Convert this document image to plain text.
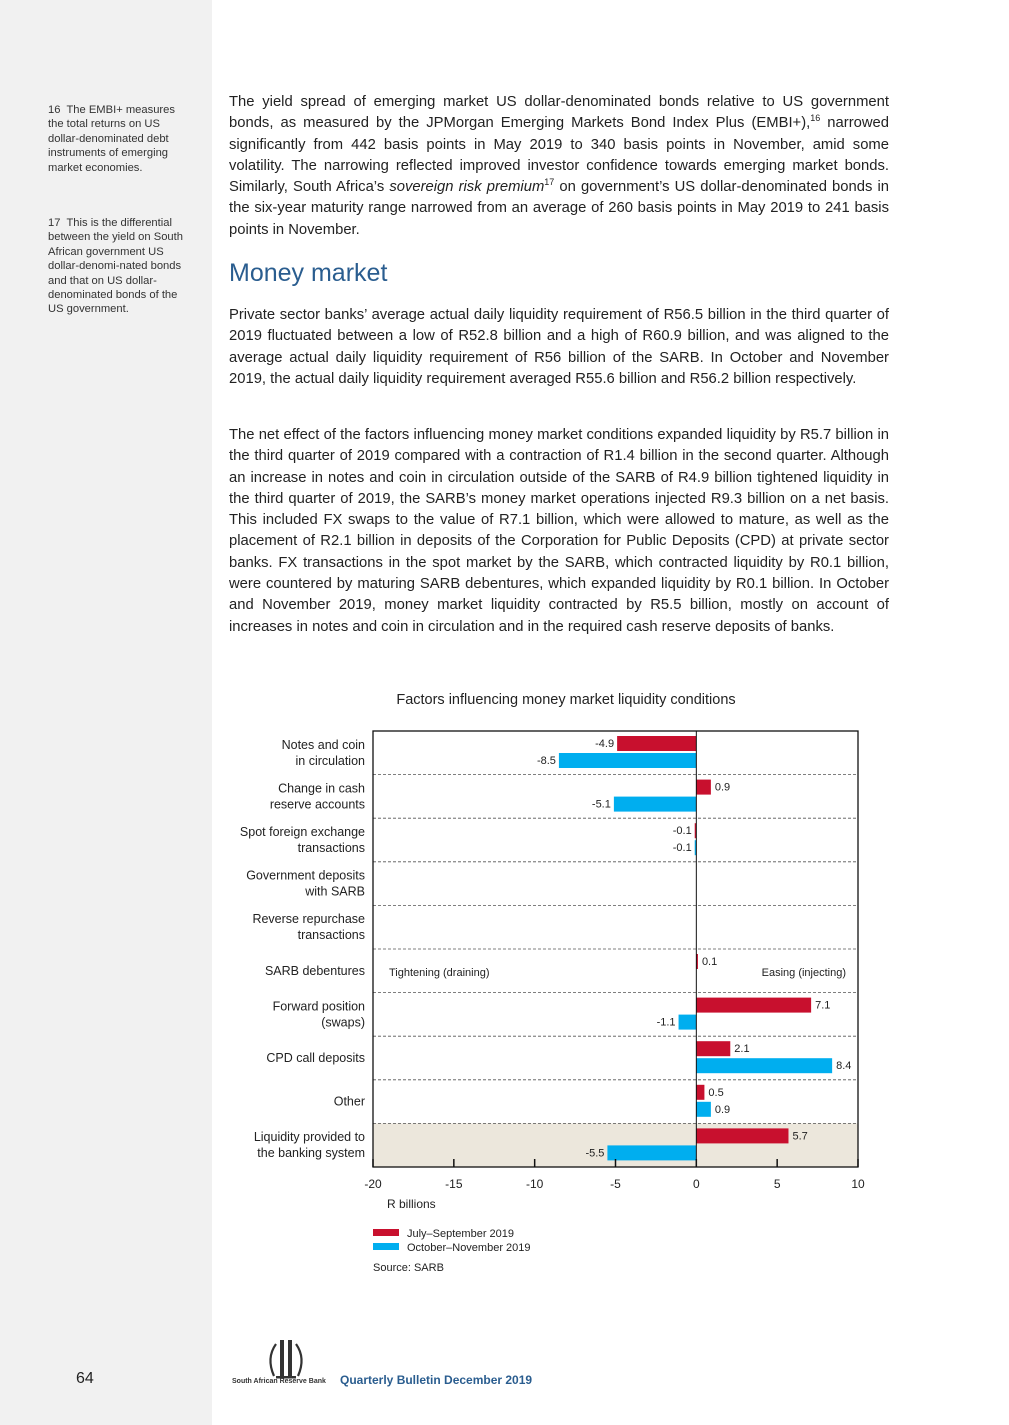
16 The EMBI+ measures the total returns on US dollar-denominated debt instruments of emerging market economies.
17 This is the differential between the yield on South African government US dollar-denomi-nated bonds and that on US dollar-denominated bonds of the US government.

The yield spread of emerging market US dollar-denominated bonds relative to US government bonds, as measured by the JPMorgan Emerging Markets Bond Index Plus (EMBI+),$^{16}$ narrowed significantly from 442 basis points in May 2019 to 340 basis points in November, amid some volatility. The narrowing reflected improved investor confidence towards emerging market bonds. Similarly, South Africa’s sovereign risk premium$^{17}$ on government’s US dollar-denominated bonds in the six-year maturity range narrowed from an average of 260 basis points in May 2019 to 241 basis points in November.

Money market

Private sector banks’ average actual daily liquidity requirement of R56.5 billion in the third quarter of 2019 fluctuated between a low of R52.8 billion and a high of R60.9 billion, and was aligned to the average actual daily liquidity requirement of R56 billion of the SARB. In October and November 2019, the actual daily liquidity requirement averaged R55.6 billion and R56.2 billion respectively.

The net effect of the factors influencing money market conditions expanded liquidity by R5.7 billion in the third quarter of 2019 compared with a contraction of R1.4 billion in the second quarter. Although an increase in notes and coin in circulation outside of the SARB of R4.9 billion tightened liquidity in the third quarter of 2019, the SARB’s money market operations injected R9.3 billion on a net basis. This included FX swaps to the value of R7.1 billion, which were allowed to mature, as well as the placement of R2.1 billion in deposits of the Corporation for Public Deposits (CPD) at private sector banks. FX transactions in the spot market by the SARB, which contracted liquidity by R0.1 billion, were countered by maturing SARB debentures, which expanded liquidity by R0.1 billion. In October and November 2019, money market liquidity contracted by R5.5 billion, mostly on account of increases in notes and coin in circulation and in the required cash reserve deposits of banks.

Factors influencing money market liquidity conditions
Notes and coin in circulation
Change in cash reserve accounts
Spot foreign exchange transactions
Government deposits with SARB
Reverse repurchase transactions
SARB debentures
Forward position (swaps)
CPD call deposits
Other
Liquidity provided to the banking system
-4.9
0.9
-0.1
0.1
7.1
2.1
0.5
5.7
-8.5
-5.1
-0.1
-1.1
8.4
0.9
-5.5
-20	-15	-10	-5	0	5	10
Tightening (draining)	Easing (injecting)
R billions
July–September 2019
October–November 2019
Source: SARB
64	South African Reserve Bank Quarterly Bulletin December 2019
